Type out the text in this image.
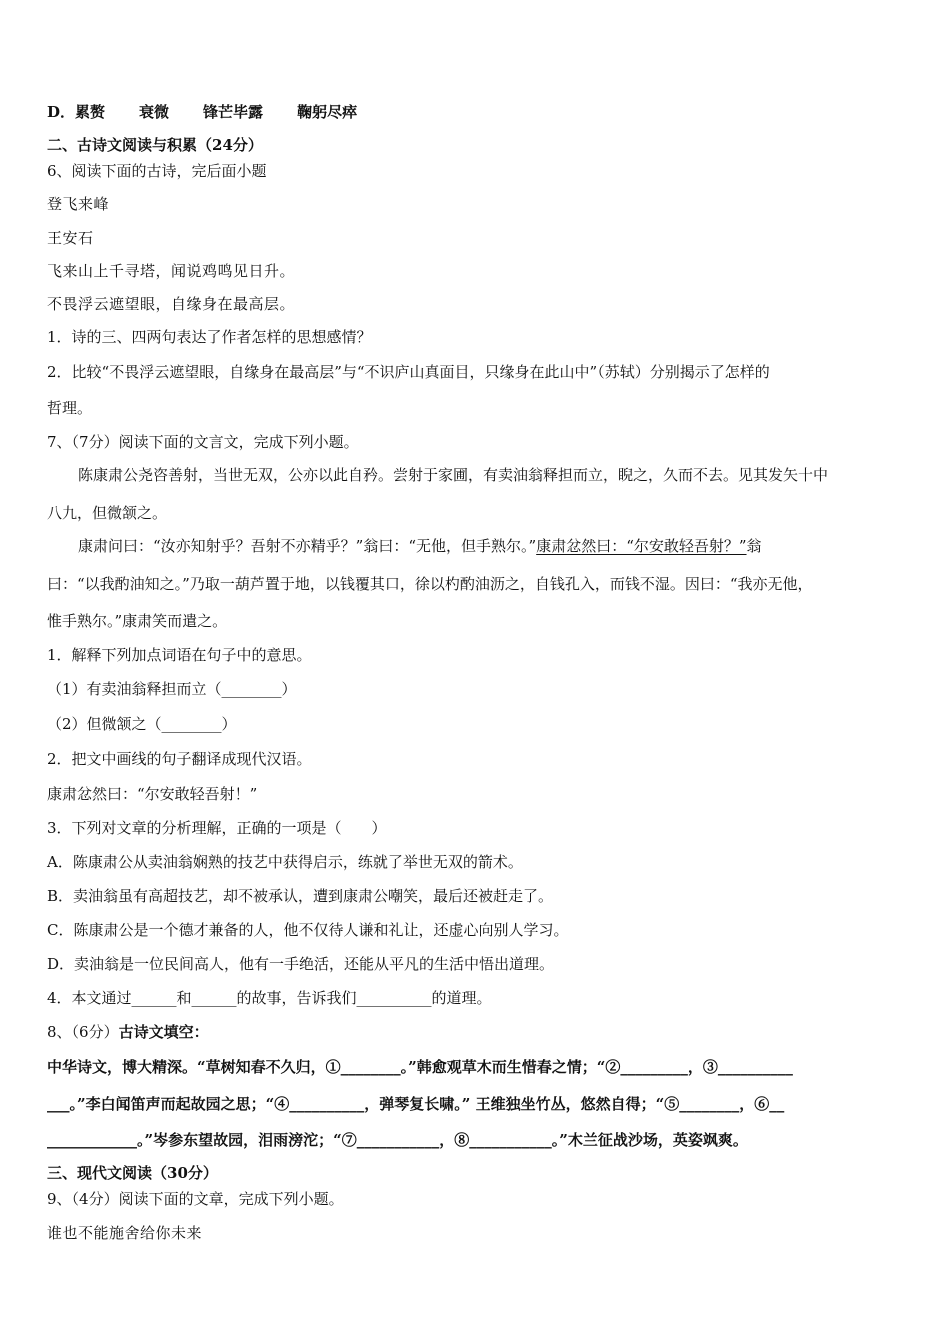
D．累赘 衰微 锋芒毕露 鞠躬尽瘁
二、古诗文阅读与积累（24分）
6、阅读下面的古诗，完后面小题
登飞来峰
王安石
飞来山上千寻塔，闻说鸡鸣见日升。
不畏浮云遮望眼，自缘身在最高层。
1．诗的三、四两句表达了作者怎样的思想感情？
2．比较“不畏浮云遮望眼，自缘身在最高层”与“不识庐山真面目，只缘身在此山中”（苏轼）分别揭示了怎样的
哲理。
7、（7分）阅读下面的文言文，完成下列小题。
陈康肃公尧咨善射，当世无双，公亦以此自矜。尝射于家圃，有卖油翁释担而立，睨之，久而不去。见其发矢十中
八九，但微颔之。
康肃问曰：“汝亦知射乎？吾射不亦精乎？”翁曰：“无他，但手熟尔。”康肃忿然曰：“尔安敢轻吾射？”翁
曰：“以我酌油知之。”乃取一葫芦置于地，以钱覆其口，徐以杓酌油沥之，自钱孔入，而钱不湿。因曰：“我亦无他，
惟手熟尔。”康肃笑而遣之。
1．解释下列加点词语在句子中的意思。
（1）有卖油翁释担而立（________）
（2）但微颔之（________）
2．把文中画线的句子翻译成现代汉语。
康肃忿然曰：“尔安敢轻吾射！”
3．下列对文章的分析理解，正确的一项是（　　）
A．陈康肃公从卖油翁娴熟的技艺中获得启示，练就了举世无双的箭术。
B．卖油翁虽有高超技艺，却不被承认，遭到康肃公嘲笑，最后还被赶走了。
C．陈康肃公是一个德才兼备的人，他不仅待人谦和礼让，还虚心向别人学习。
D．卖油翁是一位民间高人，他有一手绝活，还能从平凡的生活中悟出道理。
4．本文通过______和______的故事，告诉我们__________的道理。
8、（6分）古诗文填空：
中华诗文，博大精深。“草树知春不久归，①________。”韩愈观草木而生惜春之情；“②_________，③__________
___。”李白闻笛声而起故园之思；“④__________，弹琴复长啸。” 王维独坐竹丛，悠然自得；“⑤________，⑥__
____________。”岑参东望故园，泪雨滂沱；“⑦___________，⑧___________。”木兰征战沙场，英姿飒爽。
三、现代文阅读（30分）
9、（4分）阅读下面的文章，完成下列小题。
谁也不能施舍给你未来
